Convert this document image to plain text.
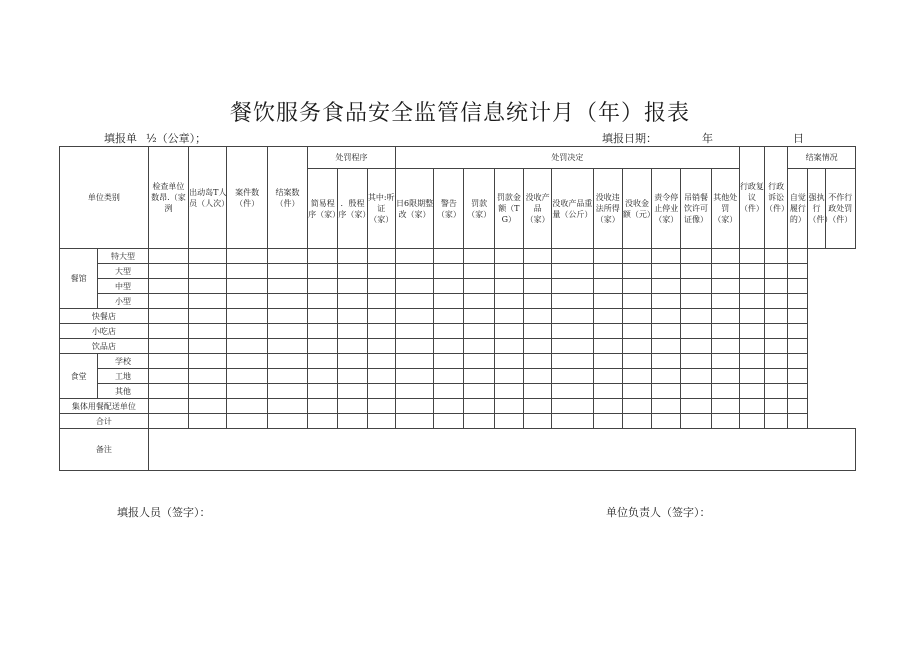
餐饮服务食品安全监管信息统计月（年）报表
填报单 ½（公章）；	填报日期：	年	日
单位类别		检查单位数昂.（家洌	出动岛T人员（人次）	案件数（件）	结案数（件）	处罚程序			处罚决定											行政复议（件）	行政诉讼（件）	结案情况		

						简易程序（家）	．殷程序（家）	其中:听证（家）	日6限期整改（家）	警告（家）	罚款（家）	罚款金额（TG）	没收产品（家）	没收产品重量（公斤）	没收违法所得（家）	没收金额（元）	责令停止停业（家）	吊销餐饮许可证像）	其他处罚（家）			自觉履行的）	强执行（件）	不作行政处罚（件）

餐馆	特大型																							
	大型																							
	中型																							
	小型																							
快餐店																								
小吃店																								
饮品店																								
食堂	学校																							
	工地																							
	其他																							
集体用餐配送单位																								
合计																								
备注																								
填报人员（签字）：	单位负责人（签字）：
